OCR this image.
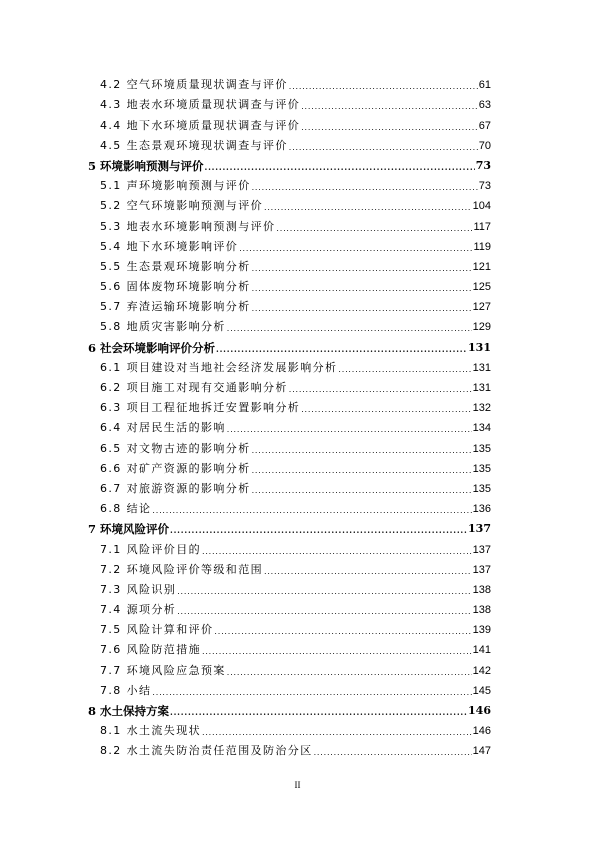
4.2 空气环境质量现状调查与评价 .....	61
4.3 地表水环境质量现状调查与评价 .....	63
4.4 地下水环境质量现状调查与评价 .....	67
4.5 生态景观环境现状调查与评价 .....	70
5 环境影响预测与评价 .....	73
5.1 声环境影响预测与评价 .....	73
5.2 空气环境影响预测与评价 .....	104
5.3 地表水环境影响预测与评价 .....	117
5.4 地下水环境影响评价 .....	119
5.5 生态景观环境影响分析 .....	121
5.6 固体废物环境影响分析 .....	125
5.7 弃渣运输环境影响分析 .....	127
5.8 地质灾害影响分析 .....	129
6 社会环境影响评价分析 .....	131
6.1 项目建设对当地社会经济发展影响分析 .....	131
6.2 项目施工对现有交通影响分析 .....	131
6.3 项目工程征地拆迁安置影响分析 .....	132
6.4 对居民生活的影响 .....	134
6.5 对文物古迹的影响分析 .....	135
6.6 对矿产资源的影响分析 .....	135
6.7 对旅游资源的影响分析 .....	135
6.8 结论 .....	136
7 环境风险评价 .....	137
7.1 风险评价目的 .....	137
7.2 环境风险评价等级和范围 .....	137
7.3 风险识别 .....	138
7.4 源项分析 .....	138
7.5 风险计算和评价 .....	139
7.6 风险防范措施 .....	141
7.7 环境风险应急预案 .....	142
7.8 小结 .....	145
8 水土保持方案 .....	146
8.1 水土流失现状 .....	146
8.2 水土流失防治责任范围及防治分区 .....	147
II
